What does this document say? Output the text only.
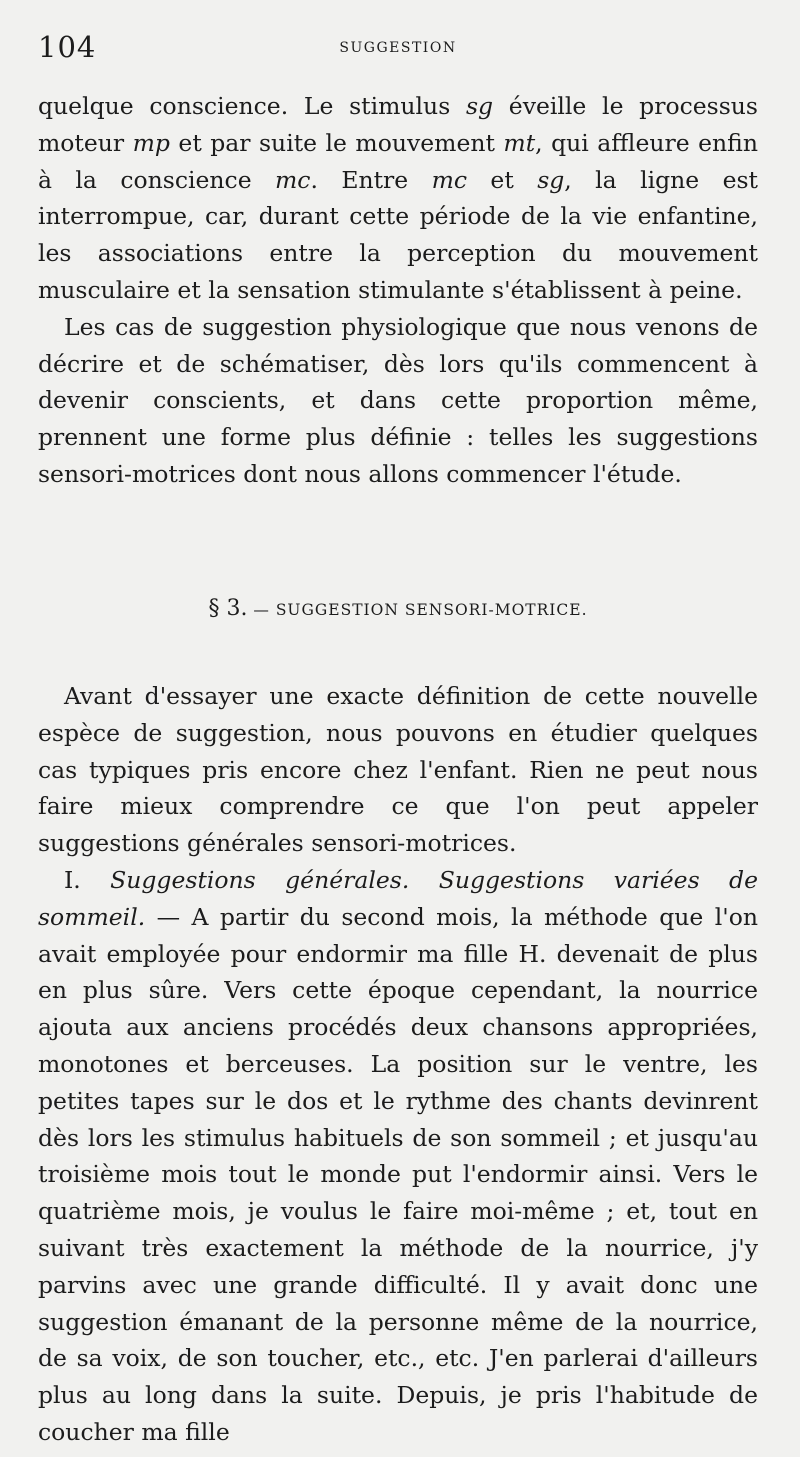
104	SUGGESTION

quelque conscience. Le stimulus sg éveille le processus moteur mp et par suite le mouvement mt, qui affleure enfin à la conscience mc. Entre mc et sg, la ligne est interrompue, car, durant cette période de la vie enfantine, les associations entre la perception du mouvement musculaire et la sensation stimulante s'établissent à peine.

Les cas de suggestion physiologique que nous venons de décrire et de schématiser, dès lors qu'ils commencent à devenir conscients, et dans cette proportion même, prennent une forme plus définie : telles les suggestions sensori-motrices dont nous allons commencer l'étude.

§ 3. — SUGGESTION SENSORI-MOTRICE.

Avant d'essayer une exacte définition de cette nouvelle espèce de suggestion, nous pouvons en étudier quelques cas typiques pris encore chez l'enfant. Rien ne peut nous faire mieux comprendre ce que l'on peut appeler suggestions générales sensori-motrices.

I. Suggestions générales. Suggestions variées de sommeil. — A partir du second mois, la méthode que l'on avait employée pour endormir ma fille H. devenait de plus en plus sûre. Vers cette époque cependant, la nourrice ajouta aux anciens procédés deux chansons appropriées, monotones et berceuses. La position sur le ventre, les petites tapes sur le dos et le rythme des chants devinrent dès lors les stimulus habituels de son sommeil ; et jusqu'au troisième mois tout le monde put l'endormir ainsi. Vers le quatrième mois, je voulus le faire moi-même ; et, tout en suivant très exactement la méthode de la nourrice, j'y parvins avec une grande difficulté. Il y avait donc une suggestion émanant de la personne même de la nourrice, de sa voix, de son toucher, etc., etc. J'en parlerai d'ailleurs plus au long dans la suite. Depuis, je pris l'habitude de coucher ma fille
